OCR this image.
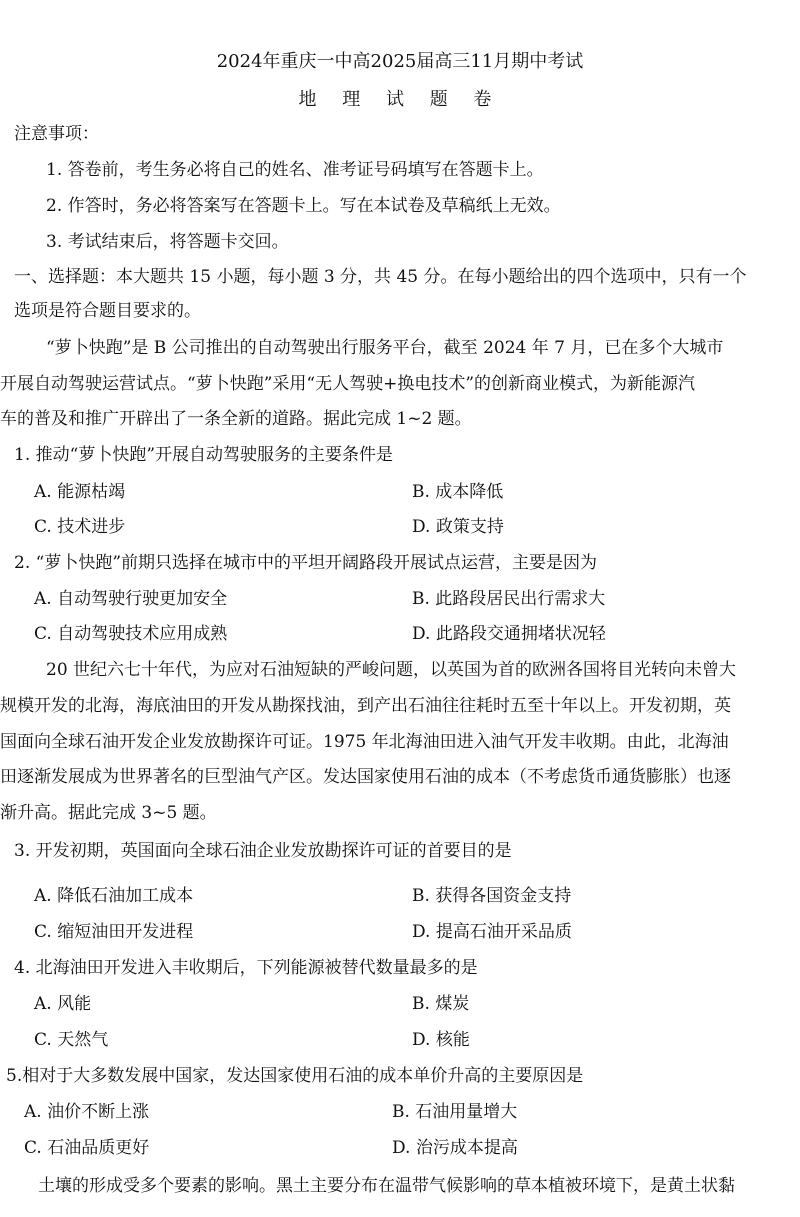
2024年重庆一中高2025届高三11月期中考试
地 理 试 题 卷
注意事项：
1. 答卷前，考生务必将自己的姓名、准考证号码填写在答题卡上。
2. 作答时，务必将答案写在答题卡上。写在本试卷及草稿纸上无效。
3. 考试结束后，将答题卡交回。
一、选择题：本大题共 15 小题，每小题 3 分，共 45 分。在每小题给出的四个选项中，只有一个
选项是符合题目要求的。
“萝卜快跑”是 B 公司推出的自动驾驶出行服务平台，截至 2024 年 7 月，已在多个大城市
开展自动驾驶运营试点。“萝卜快跑”采用“无人驾驶+换电技术”的创新商业模式，为新能源汽
车的普及和推广开辟出了一条全新的道路。据此完成 1~2 题。
1. 推动“萝卜快跑”开展自动驾驶服务的主要条件是
A. 能源枯竭	B. 成本降低
C. 技术进步	D. 政策支持
2. “萝卜快跑”前期只选择在城市中的平坦开阔路段开展试点运营，主要是因为
A. 自动驾驶行驶更加安全	B. 此路段居民出行需求大
C. 自动驾驶技术应用成熟	D. 此路段交通拥堵状况轻
20 世纪六七十年代，为应对石油短缺的严峻问题，以英国为首的欧洲各国将目光转向未曾大
规模开发的北海，海底油田的开发从勘探找油，到产出石油往往耗时五至十年以上。开发初期，英
国面向全球石油开发企业发放勘探许可证。1975 年北海油田进入油气开发丰收期。由此，北海油
田逐渐发展成为世界著名的巨型油气产区。发达国家使用石油的成本（不考虑货币通货膨胀）也逐
渐升高。据此完成 3~5 题。
3. 开发初期，英国面向全球石油企业发放勘探许可证的首要目的是
A. 降低石油加工成本	B. 获得各国资金支持
C. 缩短油田开发进程	D. 提高石油开采品质
4. 北海油田开发进入丰收期后，下列能源被替代数量最多的是
A. 风能	B. 煤炭
C. 天然气	D. 核能
5.相对于大多数发展中国家，发达国家使用石油的成本单价升高的主要原因是
A. 油价不断上涨	B. 石油用量增大
C. 石油品质更好	D. 治污成本提高
土壤的形成受多个要素的影响。黑土主要分布在温带气候影响的草本植被环境下，是黄土状黏
